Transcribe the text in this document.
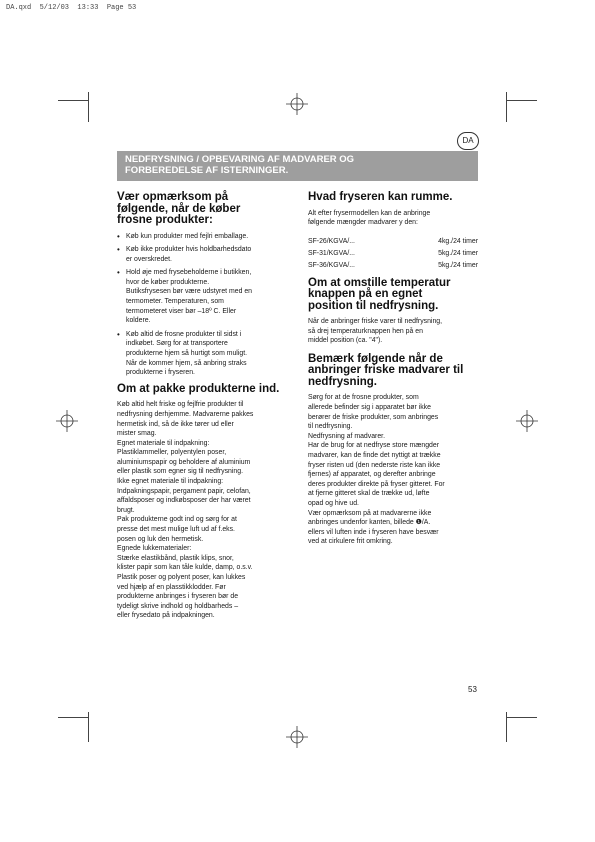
DA.qxd  5/12/03  13:33  Page 53
DA
NEDFRYSNING / OPBEVARING AF MADVARER OG
FORBEREDELSE AF ISTERNINGER.
Vær opmærksom på
følgende, når de køber
frosne produkter:
• Køb kun produkter med fejlri emballage.
• Køb ikke produkter hvis holdbarhedsdato
er overskredet.
• Hold øje med frysebeholderne i butikken,
hvor de køber produkterne.
Butiksfrysesen bør være udstyret med en
termometer. Temperaturen, som
termometeret viser bør –18º C. Eller
koldere.
• Køb altid de frosne produkter til sidst i
indkøbet. Sørg for at transportere
produkterne hjem så hurtigt som muligt.
Når de kommer hjem, så anbring straks
produkterne i fryseren.
Om at pakke produkterne ind.

Køb altid helt friske og fejlfrie produkter til
nedfrysning derhjemme. Madvarerne pakkes
hermetisk ind, så de ikke tører ud eller
mister smag.
Egnet materiale til indpakning:
Plastiklammeller, polyentylen poser,
aluminiumspapir og beholdere af aluminium
eller plastik som egner sig til nedfrysning.
Ikke egnet materiale til indpakning:
Indpakningspapir, pergament papir, celofan,
affaldsposer og indkøbsposer der har været
brugt.
Pak produkterne godt ind og sørg for at
presse det mest mulige luft ud af f.eks.
posen og luk den hermetisk.
Egnede lukkematerialer:
Stærke elastikbånd, plastik klips, snor,
klister papir som kan tåle kulde, damp, o.s.v.
Plastik poser og polyent poser, kan lukkes
ved hjælp af en plasstikklodder. Før
produkterne anbringes i fryseren bør de
tydeligt skrive indhold og holdbarheds –
eller frysedato på indpakningen.

Hvad fryseren kan rumme.

Alt efter frysermodellen kan de anbringe
følgende mængder madvarer y den:

SF-26/KGVA/...	4kg./24 timer
SF-31/KGVA/...	5kg./24 timer
SF-36/KGVA/...	5kg./24 timer
Om at omstille temperatur
knappen på en egnet
position til nedfrysning.

Når de anbringer friske varer til nedfrysning,
så drej temperaturknappen hen på en
middel position (ca. "4").

Bemærk følgende når de
anbringer friske madvarer til
nedfrysning.

Sørg for at de frosne produkter, som
allerede befinder sig i apparatet bør ikke
berører de friske produkter, som anbringes
til nedfrysning.
Nedfrysning af madvarer.
Har de brug for at nedfryse store mængder
madvarer, kan de finde det nyttigt at trække
fryser risten ud (den nederste riste kan ikke
fjernes) af apparatet, og derefter anbringe
deres produkter direkte på fryser gitteret. For
at fjerne gitteret skal de trække ud, løfte
opad og hive ud.
Vær opmærksom på at madvarerne ikke
anbringes undenfor kanten, billede ❶/A.
ellers vil luften inde i fryseren have besvær
ved at cirkulere frit omkring.

53
